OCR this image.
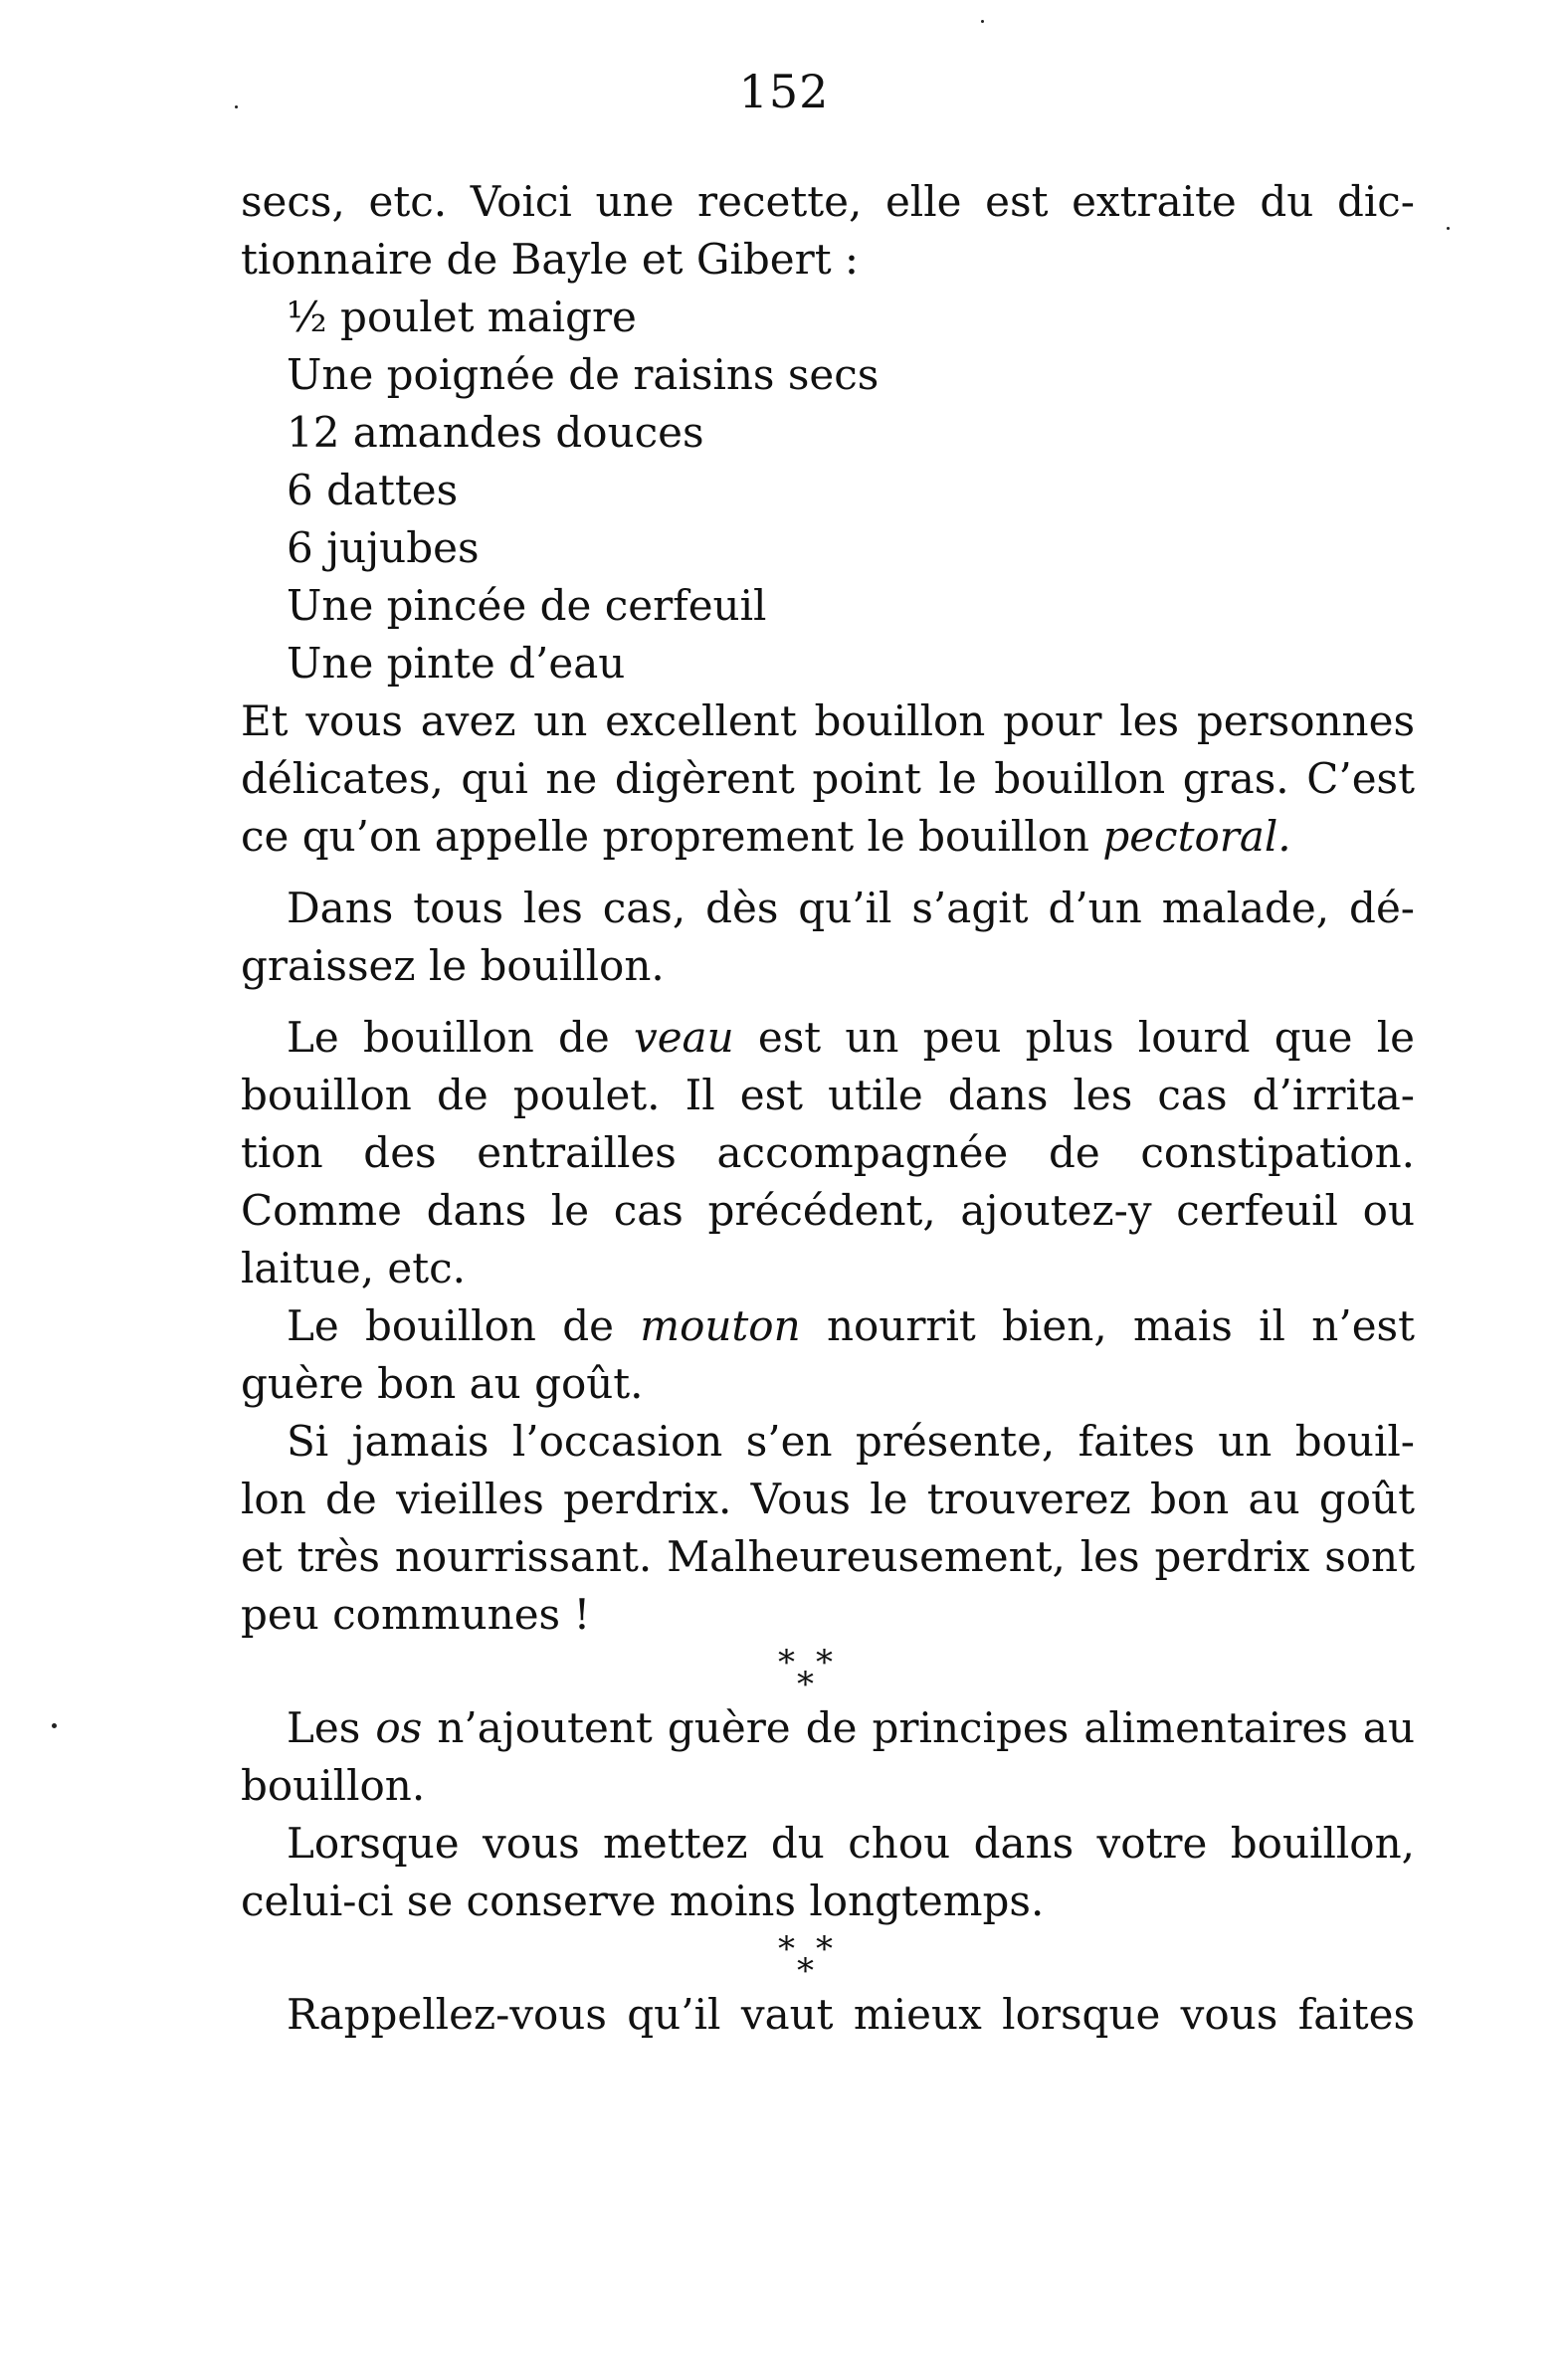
152
secs, etc. Voici une recette, elle est extraite du dic-
tionnaire de Bayle et Gibert :
½ poulet maigre
Une poignée de raisins secs
12 amandes douces
6 dattes
6 jujubes
Une pincée de cerfeuil
Une pinte d’eau
Et vous avez un excellent bouillon pour les personnes
délicates, qui ne digèrent point le bouillon gras. C’est
ce qu’on appelle proprement le bouillon pectoral.
Dans tous les cas, dès qu’il s’agit d’un malade, dé-
graissez le bouillon.
Le bouillon de veau est un peu plus lourd que le
bouillon de poulet. Il est utile dans les cas d’irrita-
tion des entrailles accompagnée de constipation.
Comme dans le cas précédent, ajoutez-y cerfeuil ou
laitue, etc.
Le bouillon de mouton nourrit bien, mais il n’est
guère bon au goût.
Si jamais l’occasion s’en présente, faites un bouil-
lon de vieilles perdrix. Vous le trouverez bon au goût
et très nourrissant. Malheureusement, les perdrix sont
peu communes !
* *
*
Les os n’ajoutent guère de principes alimentaires au
bouillon.
Lorsque vous mettez du chou dans votre bouillon,
celui-ci se conserve moins longtemps.
* *
*
Rappellez-vous qu’il vaut mieux lorsque vous faites
